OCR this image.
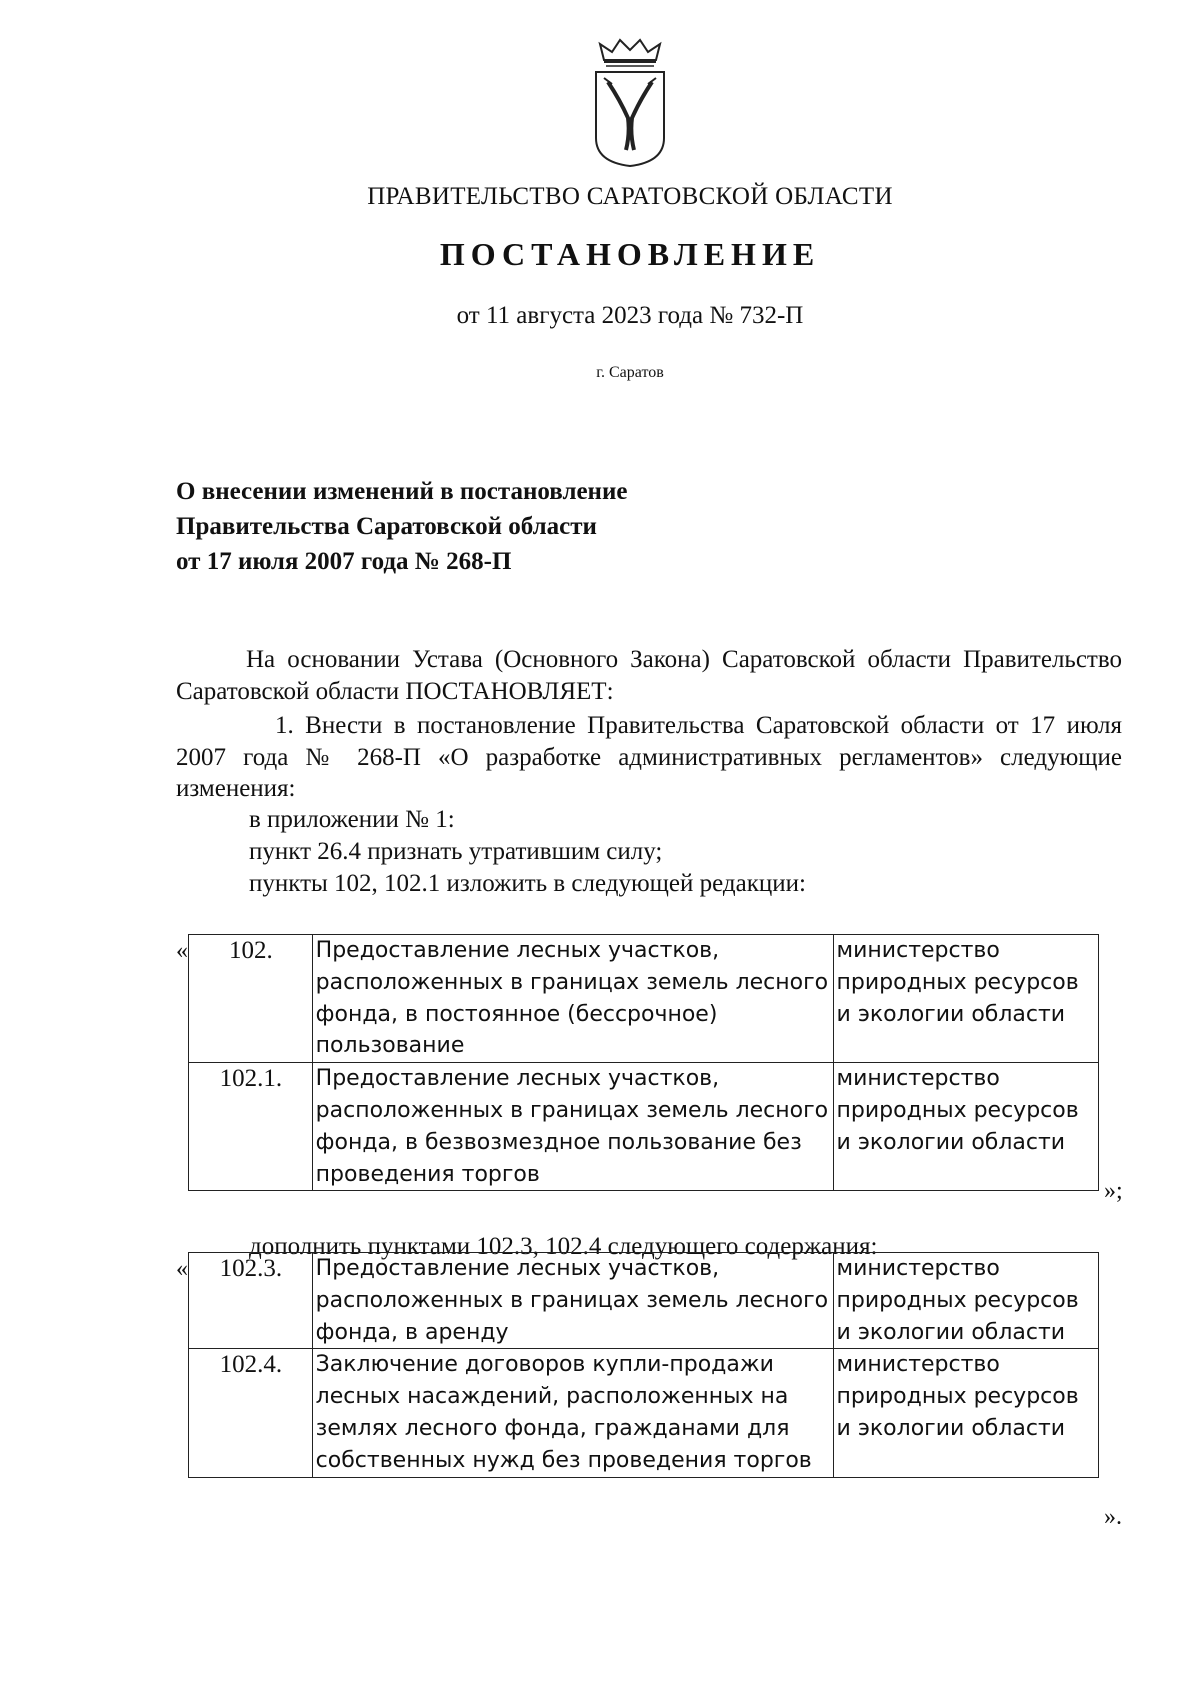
ПРАВИТЕЛЬСТВО САРАТОВСКОЙ ОБЛАСТИ
ПОСТАНОВЛЕНИЕ
от 11 августа 2023 года № 732-П
г. Саратов
О внесении изменений в постановление
Правительства Саратовской области
от 17 июля 2007 года № 268-П
На основании Устава (Основного Закона) Саратовской области Правительство Саратовской области ПОСТАНОВЛЯЕТ:
1. Внести в постановление Правительства Саратовской области от 17 июля 2007 года № 268-П «О разработке административных регламентов» следующие изменения:
в приложении № 1:
пункт 26.4 признать утратившим силу;
пункты 102, 102.1 изложить в следующей редакции:
« 102.	Предоставление лесных участков, расположенных в границах земель лесного фонда, в постоянное (бессрочное) пользование	министерство природных ресурсов и экологии области
102.1.	Предоставление лесных участков, расположенных в границах земель лесного фонда, в безвозмездное пользование без проведения торгов	министерство природных ресурсов и экологии области
»;
дополнить пунктами 102.3, 102.4 следующего содержания:
« 102.3.	Предоставление лесных участков, расположенных в границах земель лесного фонда, в аренду	министерство природных ресурсов и экологии области
102.4.	Заключение договоров купли-продажи лесных насаждений, расположенных на землях лесного фонда, гражданами для собственных нужд без проведения торгов	министерство природных ресурсов и экологии области
».
